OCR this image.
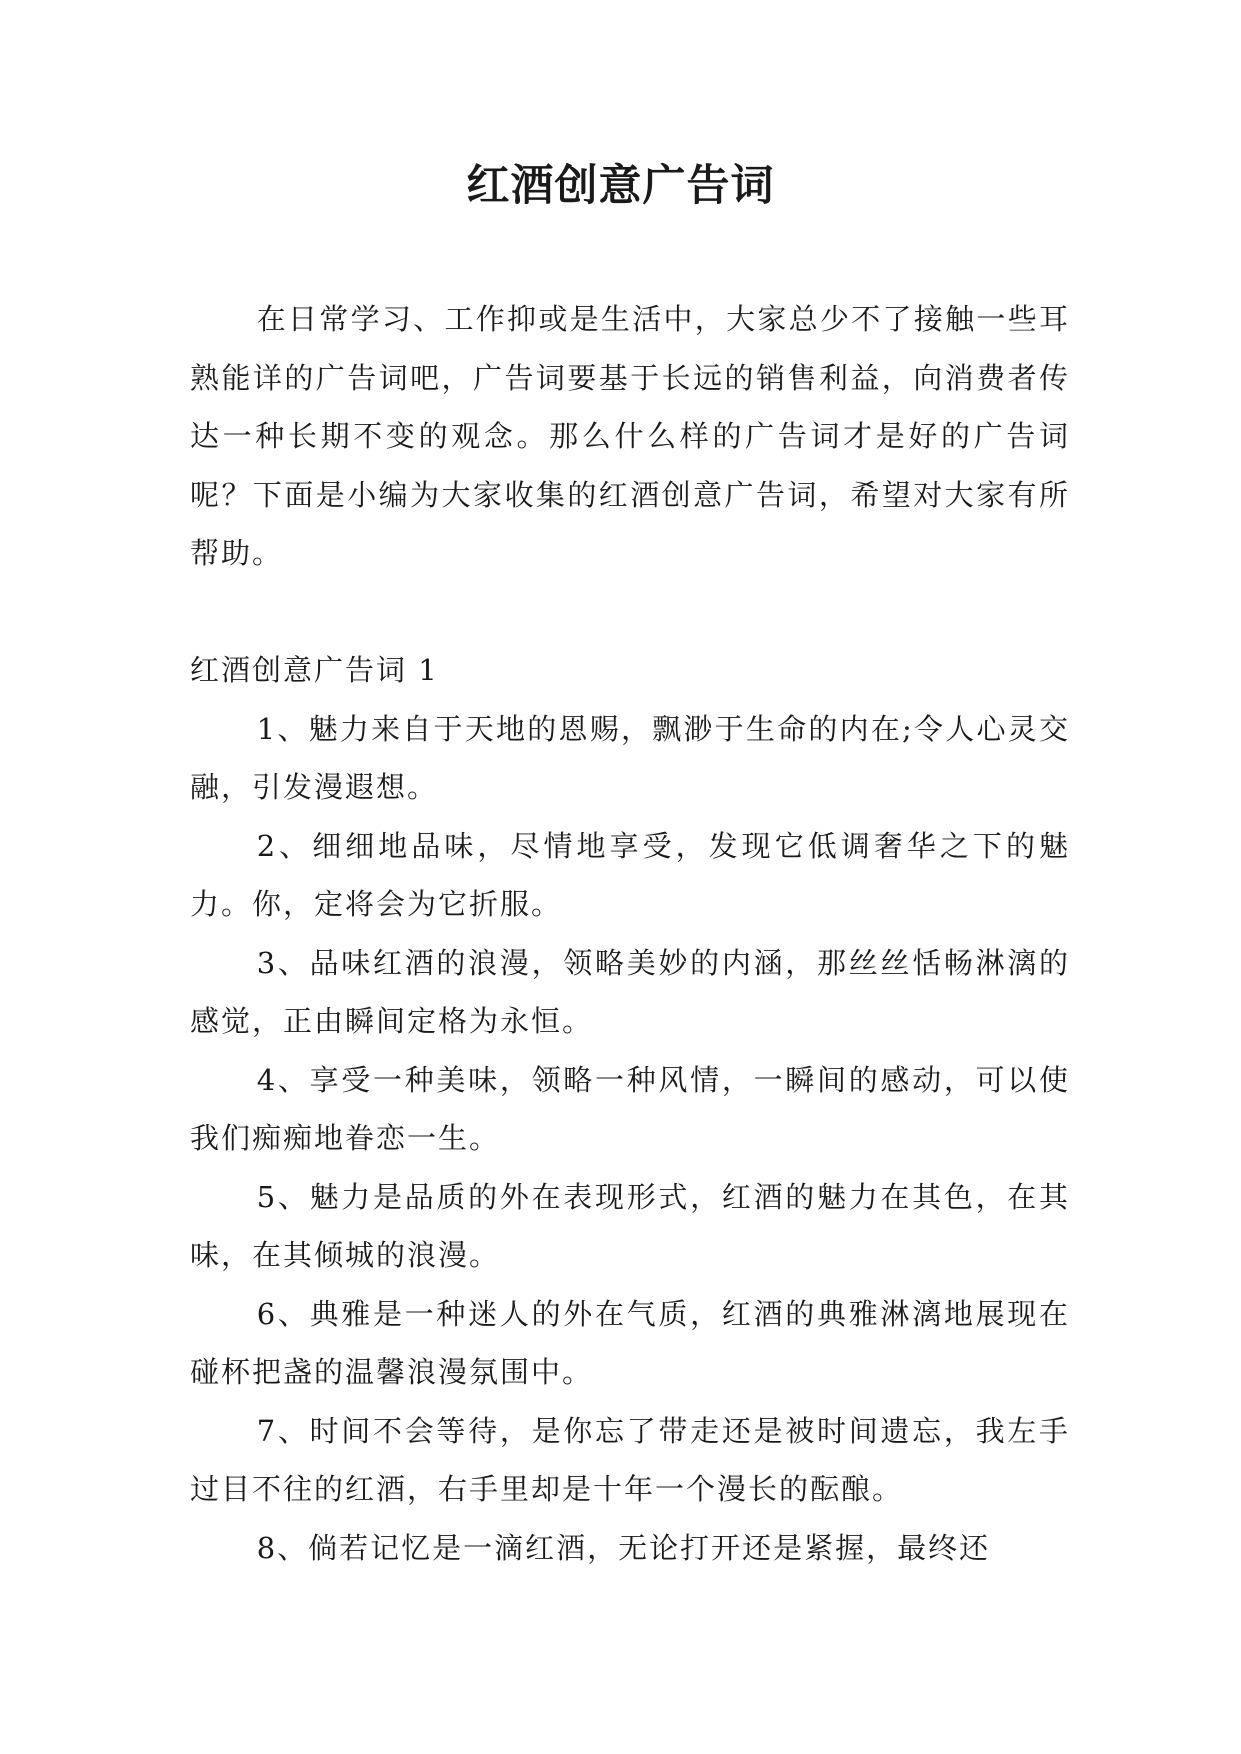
红酒创意广告词

在日常学习、工作抑或是生活中，大家总少不了接触一些耳熟能详的广告词吧，广告词要基于长远的销售利益，向消费者传达一种长期不变的观念。那么什么样的广告词才是好的广告词呢？下面是小编为大家收集的红酒创意广告词，希望对大家有所帮助。

红酒创意广告词 1

1、魅力来自于天地的恩赐，飘渺于生命的内在;令人心灵交融，引发漫遐想。

2、细细地品味，尽情地享受，发现它低调奢华之下的魅力。你，定将会为它折服。

3、品味红酒的浪漫，领略美妙的内涵，那丝丝恬畅淋漓的感觉，正由瞬间定格为永恒。

4、享受一种美味，领略一种风情，一瞬间的感动，可以使我们痴痴地眷恋一生。

5、魅力是品质的外在表现形式，红酒的魅力在其色，在其味，在其倾城的浪漫。

6、典雅是一种迷人的外在气质，红酒的典雅淋漓地展现在碰杯把盏的温馨浪漫氛围中。

7、时间不会等待，是你忘了带走还是被时间遗忘，我左手过目不往的红酒，右手里却是十年一个漫长的酝酿。

8、倘若记忆是一滴红酒，无论打开还是紧握，最终还
